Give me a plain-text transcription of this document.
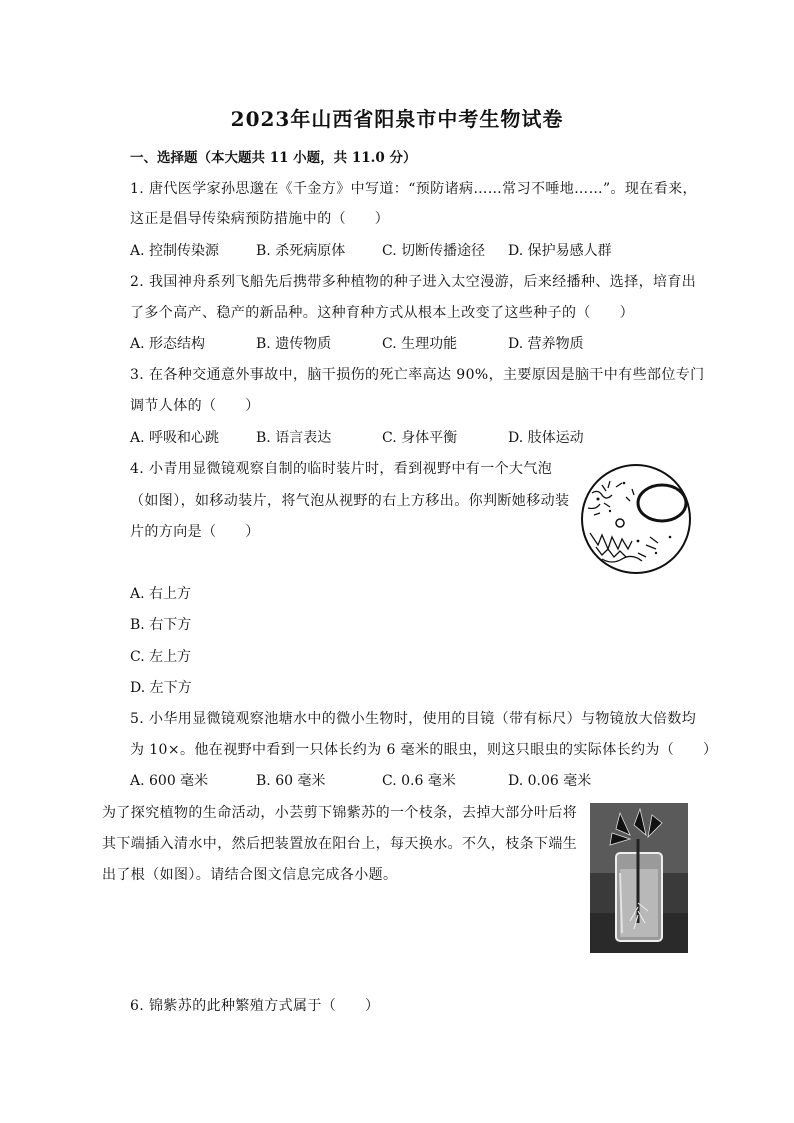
2023年山西省阳泉市中考生物试卷
一、选择题（本大题共 11 小题，共 11.0 分）
1. 唐代医学家孙思邈在《千金方》中写道：“预防诸病……常习不唾地……”。现在看来，
这正是倡导传染病预防措施中的（　　）
A. 控制传染源	B. 杀死病原体	C. 切断传播途径 D. 保护易感人群
2. 我国神舟系列飞船先后携带多种植物的种子进入太空漫游，后来经播种、选择，培育出
了多个高产、稳产的新品种。这种育种方式从根本上改变了这些种子的（　　）
A. 形态结构	B. 遗传物质	C. 生理功能	D. 营养物质
3. 在各种交通意外事故中，脑干损伤的死亡率高达 90%，主要原因是脑干中有些部位专门
调节人体的（　　）
A. 呼吸和心跳	B. 语言表达	C. 身体平衡	D. 肢体运动
4. 小青用显微镜观察自制的临时装片时，看到视野中有一个大气泡
（如图），如移动装片，将气泡从视野的右上方移出。你判断她移动装
片的方向是（　　）
A. 右上方
B. 右下方
C. 左上方
D. 左下方
5. 小华用显微镜观察池塘水中的微小生物时，使用的目镜（带有标尺）与物镜放大倍数均
为 10×。他在视野中看到一只体长约为 6 毫米的眼虫，则这只眼虫的实际体长约为（　　）
A. 600 毫米	B. 60 毫米	C. 0.6 毫米	D. 0.06 毫米
为了探究植物的生命活动，小芸剪下锦紫苏的一个枝条，去掉大部分叶后将
其下端插入清水中，然后把装置放在阳台上，每天换水。不久，枝条下端生
出了根（如图）。请结合图文信息完成各小题。
6. 锦紫苏的此种繁殖方式属于（　　）
